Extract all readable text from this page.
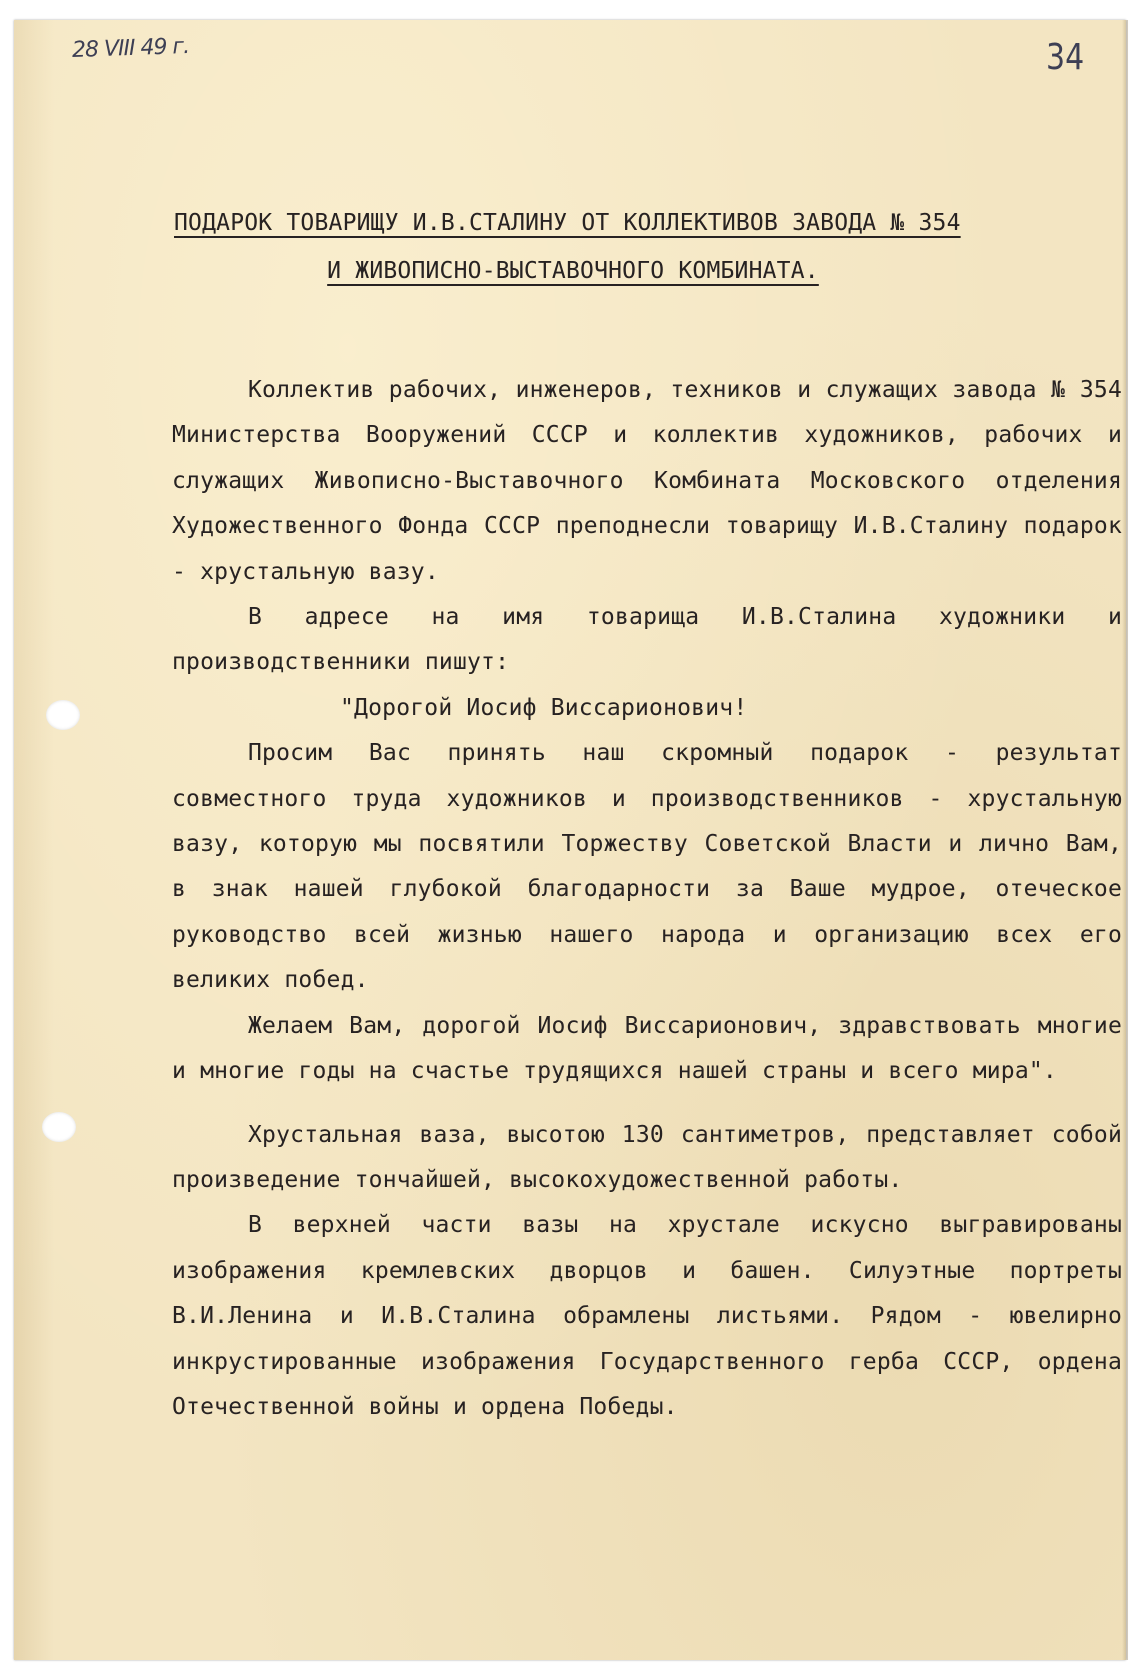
28 VIII 49 г.	34
ПОДАРОК ТОВАРИЩУ И.В.СТАЛИНУ ОТ КОЛЛЕКТИВОВ ЗАВОДА № 354
И ЖИВОПИСНО-ВЫСТАВОЧНОГО КОМБИНАТА.

Коллектив рабочих, инженеров, техников и служащих завода № 354 Министерства Вооружений СССР и коллектив художников, рабочих и служащих Живописно-Выставочного Комбината Московского отделения Художественного Фонда СССР преподнесли товарищу И.В.Сталину подарок - хрустальную вазу.

В адресе на имя товарища И.В.Сталина художники и производственники пишут:

"Дорогой Иосиф Виссарионович!

Просим Вас принять наш скромный подарок - результат совместного труда художников и производственников - хрустальную вазу, которую мы посвятили Торжеству Советской Власти и лично Вам, в знак нашей глубокой благодарности за Ваше мудрое, отеческое руководство всей жизнью нашего народа и организацию всех его великих побед.

Желаем Вам, дорогой Иосиф Виссарионович, здравствовать многие и многие годы на счастье трудящихся нашей страны и всего мира".

Хрустальная ваза, высотою 130 сантиметров, представляет собой произведение тончайшей, высокохудожественной работы.

В верхней части вазы на хрустале искусно выгравированы изображения кремлевских дворцов и башен. Силуэтные портреты В.И.Ленина и И.В.Сталина обрамлены листьями. Рядом - ювелирно инкрустированные изображения Государственного герба СССР, ордена Отечественной войны и ордена Победы.
